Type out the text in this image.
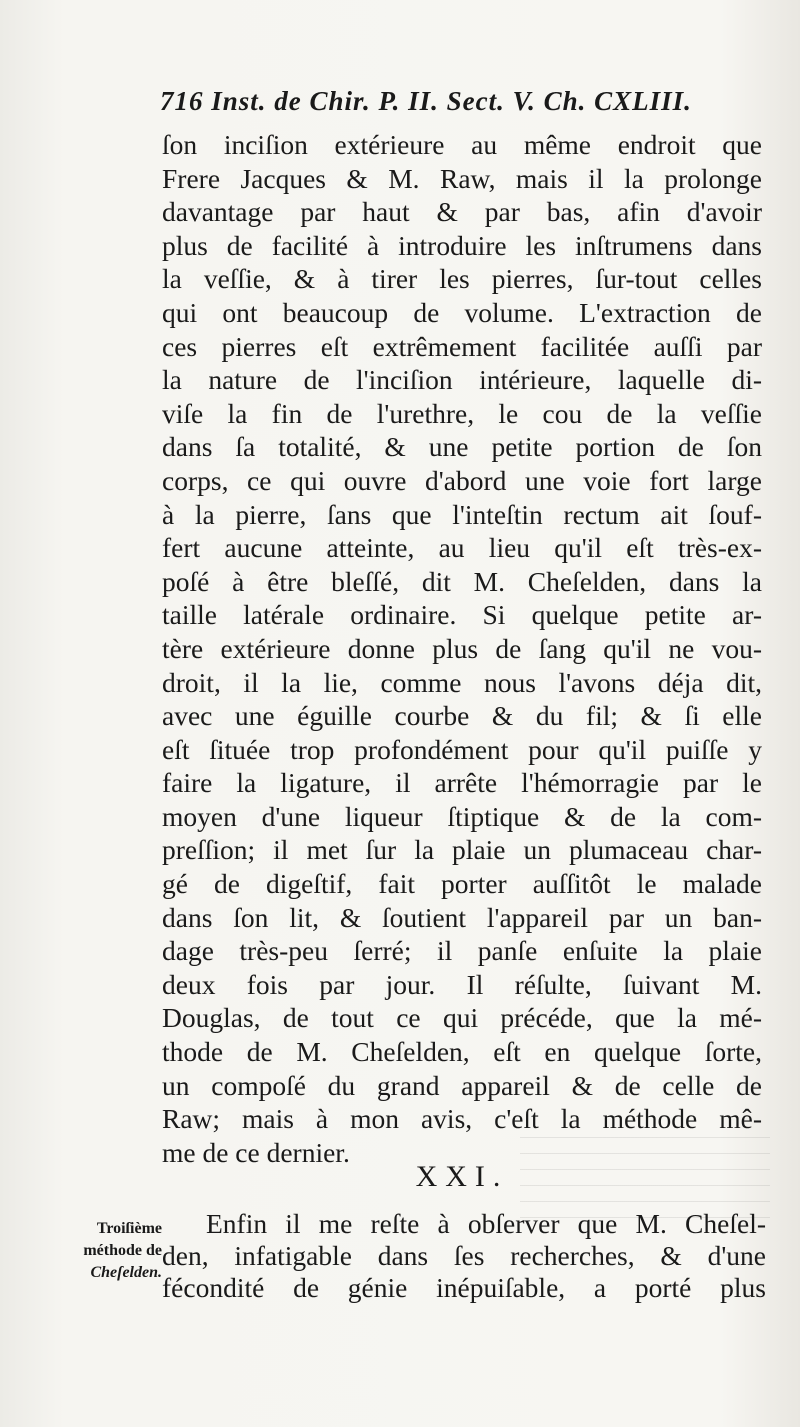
716 Inst. de Chir. P. II. Sect. V. Ch. CXLIII.
ſon inciſion extérieure au même endroit que
Frere Jacques & M. Raw, mais il la prolonge
davantage par haut & par bas, afin d'avoir
plus de facilité à introduire les inſtrumens dans
la veſſie, & à tirer les pierres, ſur-tout celles
qui ont beaucoup de volume. L'extraction de
ces pierres eſt extrêmement facilitée auſſi par
la nature de l'inciſion intérieure, laquelle di-
viſe la fin de l'urethre, le cou de la veſſie
dans ſa totalité, & une petite portion de ſon
corps, ce qui ouvre d'abord une voie fort large
à la pierre, ſans que l'inteſtin rectum ait ſouf-
fert aucune atteinte, au lieu qu'il eſt très-ex-
poſé à être bleſſé, dit M. Cheſelden, dans la
taille latérale ordinaire. Si quelque petite ar-
tère extérieure donne plus de ſang qu'il ne vou-
droit, il la lie, comme nous l'avons déja dit,
avec une éguille courbe & du fil; & ſi elle
eſt ſituée trop profondément pour qu'il puiſſe y
faire la ligature, il arrête l'hémorragie par le
moyen d'une liqueur ſtiptique & de la com-
preſſion; il met ſur la plaie un plumaceau char-
gé de digeſtif, fait porter auſſitôt le malade
dans ſon lit, & ſoutient l'appareil par un ban-
dage très-peu ſerré; il panſe enſuite la plaie
deux fois par jour. Il réſulte, ſuivant M.
Douglas, de tout ce qui précéde, que la mé-
thode de M. Cheſelden, eſt en quelque ſorte,
un compoſé du grand appareil & de celle de
Raw; mais à mon avis, c'eſt la méthode mê-
me de ce dernier.
XXI.
Troiſième
méthode de
Cheſelden.
Enfin il me reſte à obſerver que M. Cheſel-
den, infatigable dans ſes recherches, & d'une
fécondité de génie inépuiſable, a porté plus
